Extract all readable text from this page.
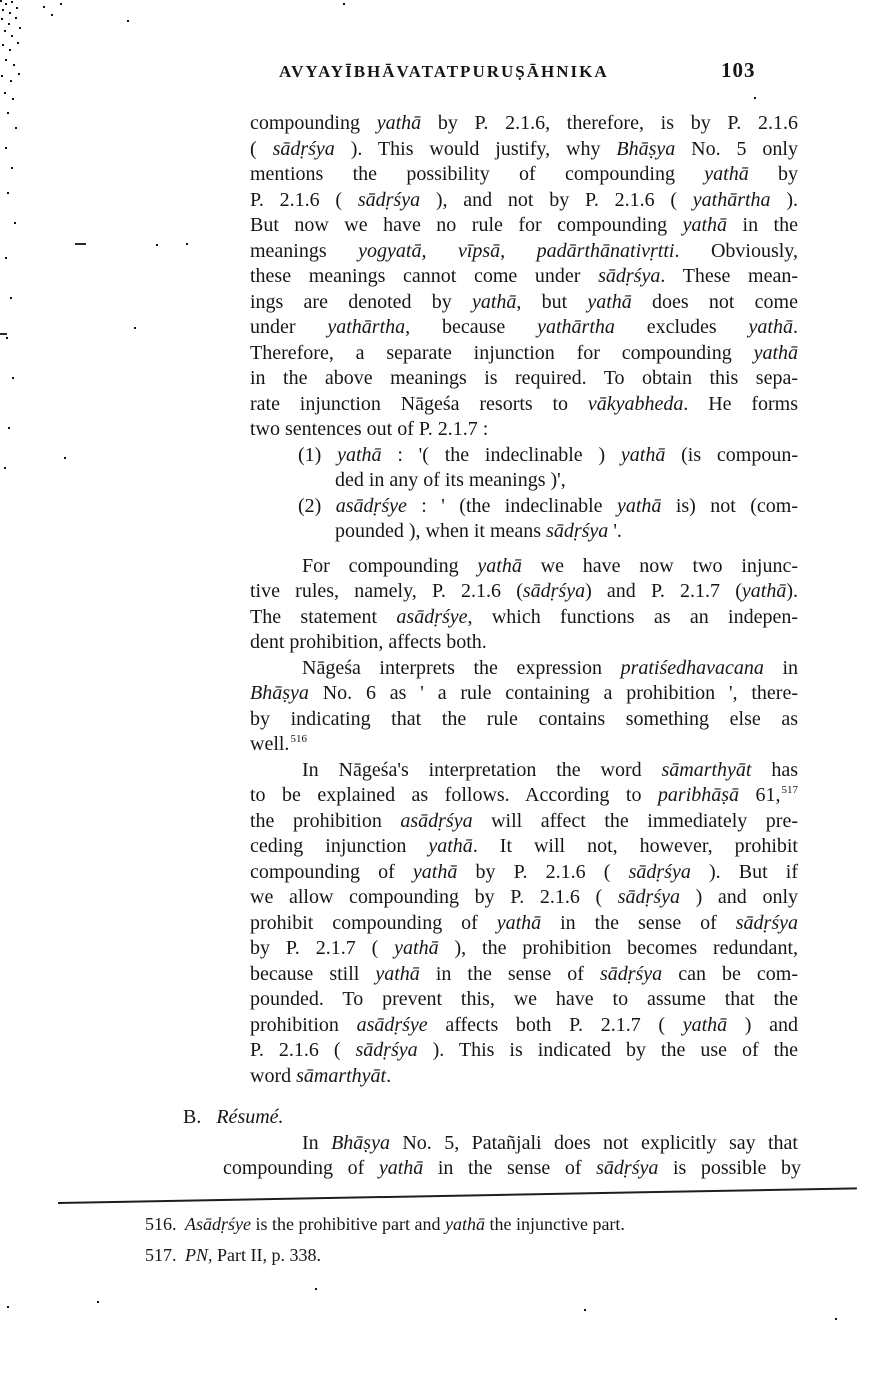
AVYAYĪBHĀVATATPURUṢĀHNIKA	103
compounding yathā by P. 2.1.6, therefore, is by P. 2.1.6
( sādṛśya ). This would justify, why Bhāṣya No. 5 only
mentions the possibility of compounding yathā by
P. 2.1.6 ( sādṛśya ), and not by P. 2.1.6 ( yathārtha ).
But now we have no rule for compounding yathā in the
meanings yogyatā, vīpsā, padārthānativṛtti. Obviously,
these meanings cannot come under sādṛśya. These mean-
ings are denoted by yathā, but yathā does not come
under yathārtha, because yathārtha excludes yathā.
Therefore, a separate injunction for compounding yathā
in the above meanings is required. To obtain this sepa-
rate injunction Nāgeśa resorts to vākyabheda. He forms
two sentences out of P. 2.1.7 :
(1) yathā : '( the indeclinable ) yathā (is compoun-
ded in any of its meanings )',
(2) asādṛśye : ' (the indeclinable yathā is) not (com-
pounded ), when it means sādṛśya '.
For compounding yathā we have now two injunc-
tive rules, namely, P. 2.1.6 (sādṛśya) and P. 2.1.7 (yathā).
The statement asādṛśye, which functions as an indepen-
dent prohibition, affects both.
Nāgeśa interprets the expression pratiśedhavacana in
Bhāṣya No. 6 as ' a rule containing a prohibition ', there-
by indicating that the rule contains something else as
well.$^{516}$
In Nāgeśa's interpretation the word sāmarthyāt has
to be explained as follows. According to paribhāṣā 61,$^{517}$
the prohibition asādṛśya will affect the immediately pre-
ceding injunction yathā. It will not, however, prohibit
compounding of yathā by P. 2.1.6 ( sādṛśya ). But if
we allow compounding by P. 2.1.6 ( sādṛśya ) and only
prohibit compounding of yathā in the sense of sādṛśya
by P. 2.1.7 ( yathā ), the prohibition becomes redundant,
because still yathā in the sense of sādṛśya can be com-
pounded. To prevent this, we have to assume that the
prohibition asādṛśye affects both P. 2.1.7 ( yathā ) and
P. 2.1.6 ( sādṛśya ). This is indicated by the use of the
word sāmarthyāt.
B.   Résumé.
In Bhāṣya No. 5, Patañjali does not explicitly say that
compounding of yathā in the sense of sādṛśya is possible by
516. Asādṛśye is the prohibitive part and yathā the injunctive part.
517. PN, Part II, p. 338.
